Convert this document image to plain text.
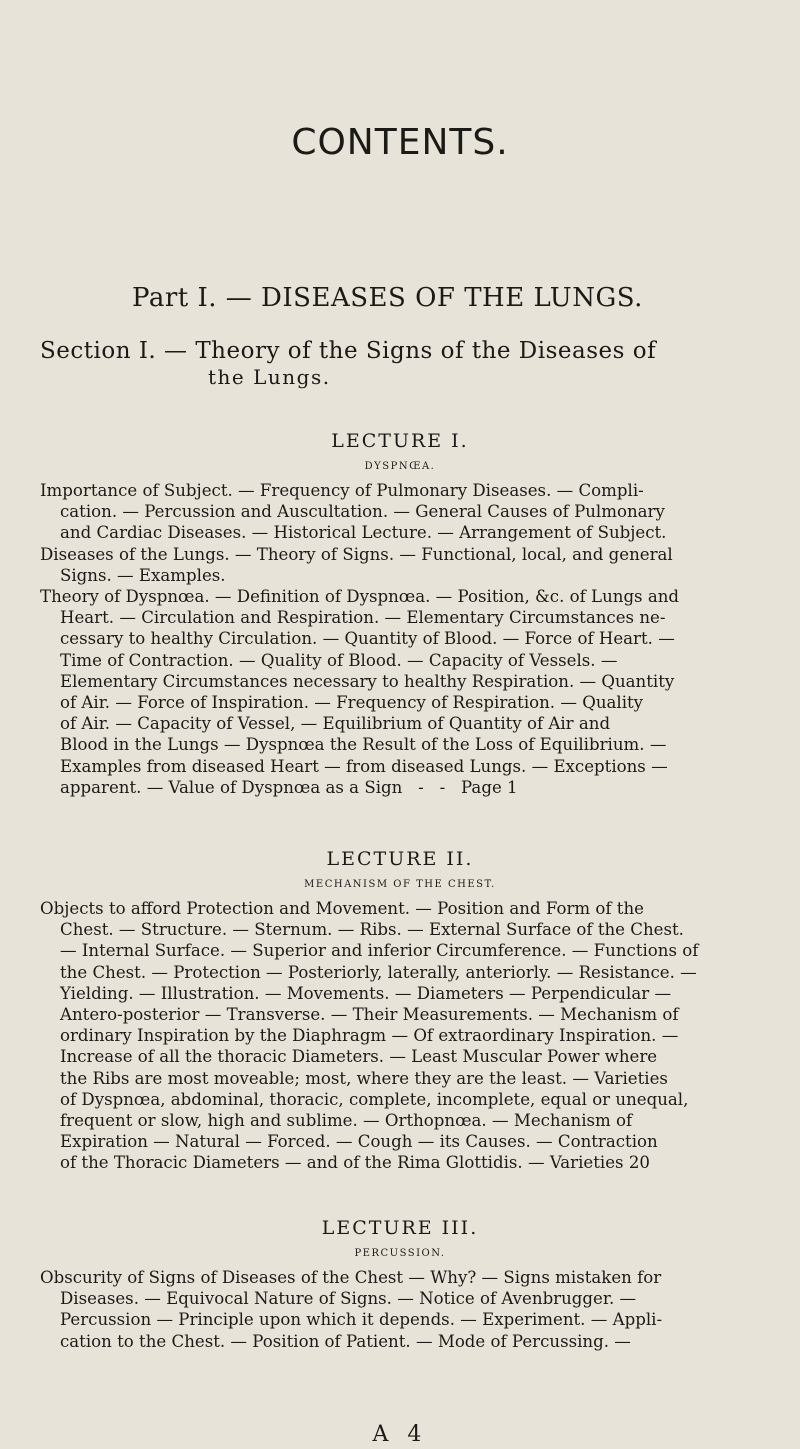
CONTENTS.
Part I. — DISEASES OF THE LUNGS.
Section I. — Theory of the Signs of the Diseases of
the Lungs.
LECTURE I.
DYSPNŒA.
Importance of Subject. — Frequency of Pulmonary Diseases. — Compli-
cation. — Percussion and Auscultation. — General Causes of Pulmonary
and Cardiac Diseases. — Historical Lecture. — Arrangement of Subject.
Diseases of the Lungs. — Theory of Signs. — Functional, local, and general
Signs. — Examples.
Theory of Dyspnœa. — Definition of Dyspnœa. — Position, &c. of Lungs and
Heart. — Circulation and Respiration. — Elementary Circumstances ne-
cessary to healthy Circulation. — Quantity of Blood. — Force of Heart. —
Time of Contraction. — Quality of Blood. — Capacity of Vessels. —
Elementary Circumstances necessary to healthy Respiration. — Quantity
of Air. — Force of Inspiration. — Frequency of Respiration. — Quality
of Air. — Capacity of Vessel, — Equilibrium of Quantity of Air and
Blood in the Lungs — Dyspnœa the Result of the Loss of Equilibrium. —
Examples from diseased Heart — from diseased Lungs. — Exceptions —
apparent. — Value of Dyspnœa as a Sign   -   -   Page 1
LECTURE II.
MECHANISM OF THE CHEST.
Objects to afford Protection and Movement. — Position and Form of the
Chest. — Structure. — Sternum. — Ribs. — External Surface of the Chest.
— Internal Surface. — Superior and inferior Circumference. — Functions of
the Chest. — Protection — Posteriorly, laterally, anteriorly. — Resistance. —
Yielding. — Illustration. — Movements. — Diameters — Perpendicular —
Antero-posterior — Transverse. — Their Measurements. — Mechanism of
ordinary Inspiration by the Diaphragm — Of extraordinary Inspiration. —
Increase of all the thoracic Diameters. — Least Muscular Power where
the Ribs are most moveable; most, where they are the least. — Varieties
of Dyspnœa, abdominal, thoracic, complete, incomplete, equal or unequal,
frequent or slow, high and sublime. — Orthopnœa. — Mechanism of
Expiration — Natural — Forced. — Cough — its Causes. — Contraction
of the Thoracic Diameters — and of the Rima Glottidis. — Varieties 20
LECTURE III.
PERCUSSION.
Obscurity of Signs of Diseases of the Chest — Why? — Signs mistaken for
Diseases. — Equivocal Nature of Signs. — Notice of Avenbrugger. —
Percussion — Principle upon which it depends. — Experiment. — Appli-
cation to the Chest. — Position of Patient. — Mode of Percussing. —
A 4
